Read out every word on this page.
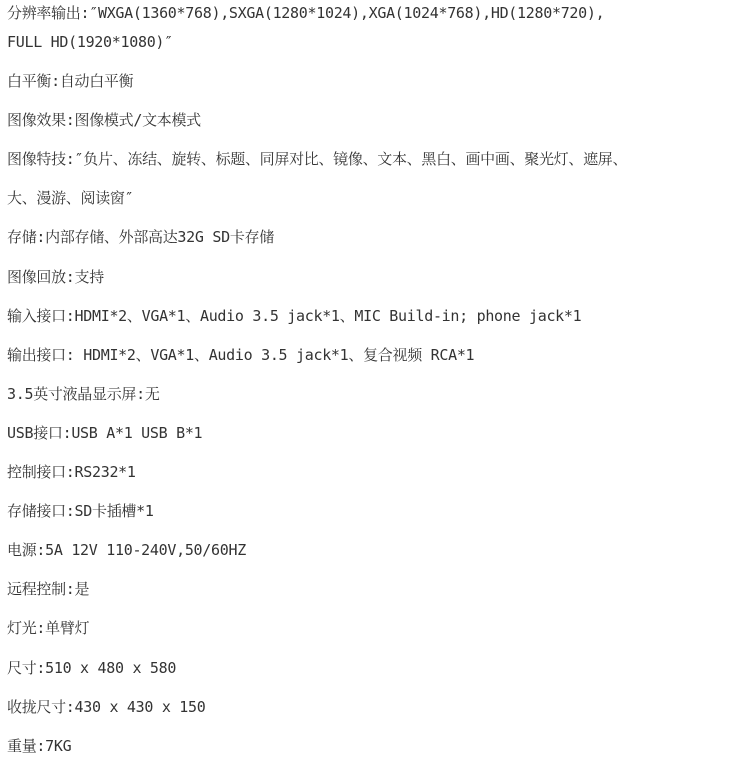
分辨率输出:″WXGA(1360*768),SXGA(1280*1024),XGA(1024*768),HD(1280*720),
FULL HD(1920*1080)″
白平衡:自动白平衡
图像效果:图像模式/文本模式
图像特技:″负片、冻结、旋转、标题、同屏对比、镜像、文本、黑白、画中画、聚光灯、遮屏、
大、漫游、阅读窗″
存储:内部存储、外部高达32G SD卡存储
图像回放:支持
输入接口:HDMI*2、VGA*1、Audio 3.5 jack*1、MIC Build-in; phone jack*1
输出接口: HDMI*2、VGA*1、Audio 3.5 jack*1、复合视频 RCA*1
3.5英寸液晶显示屏:无
USB接口:USB A*1 USB B*1
控制接口:RS232*1
存储接口:SD卡插槽*1
电源:5A 12V 110-240V,50/60HZ
远程控制:是
灯光:单臂灯
尺寸:510 x 480 x 580
收拢尺寸:430 x 430 x 150
重量:7KG
